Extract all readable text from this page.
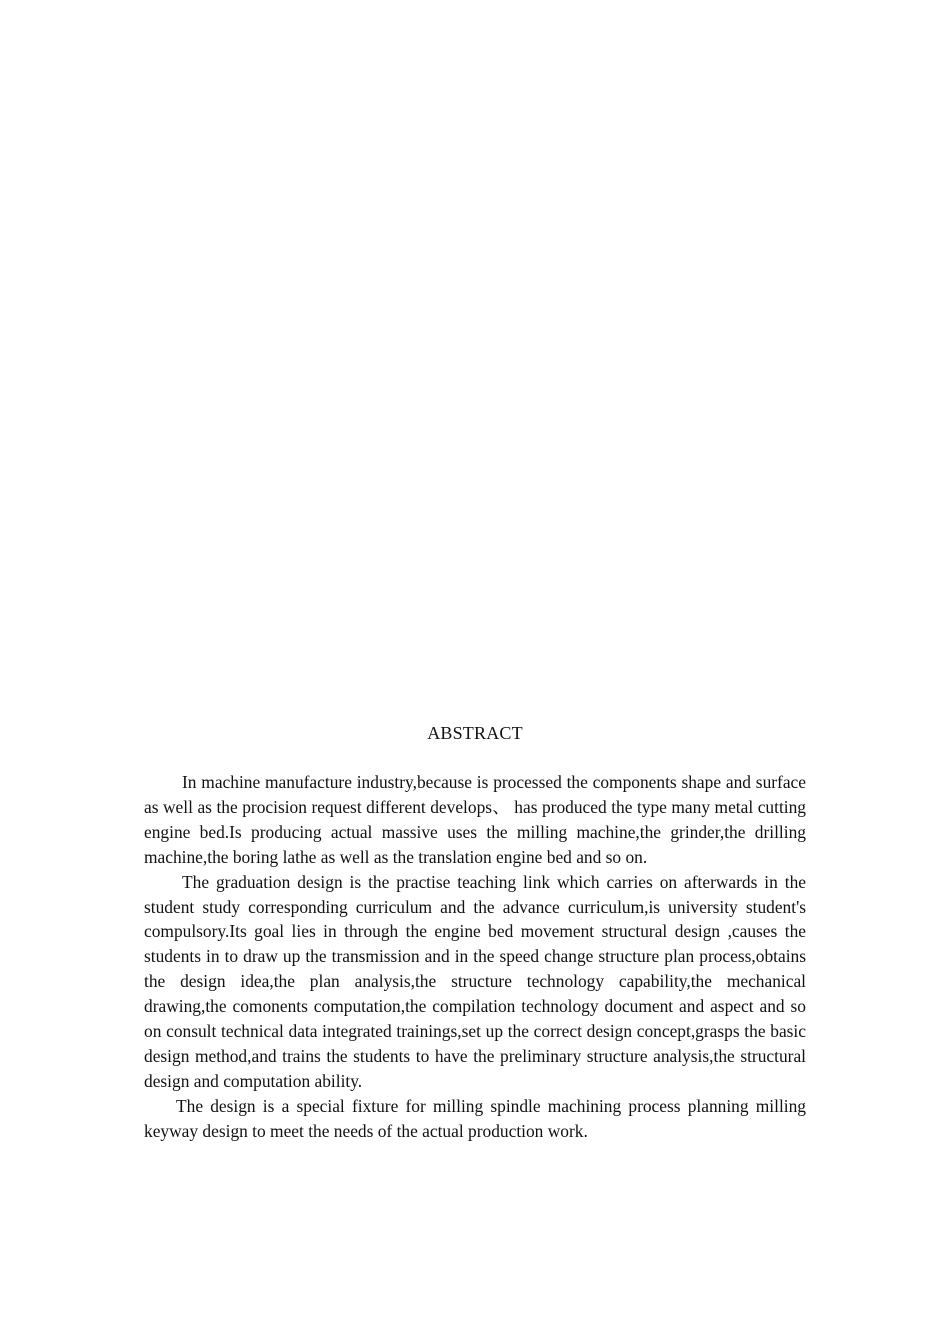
ABSTRACT

In machine manufacture industry,because is processed the components shape and surface as well as the procision request different develops、 has produced the type many metal cutting engine bed.Is producing actual massive uses the milling machine,the grinder,the drilling machine,the boring lathe as well as the translation engine bed and so on.

The graduation design is the practise teaching link which carries on afterwards in the student study corresponding curriculum and the advance curriculum,is university student's compulsory.Its goal lies in through the engine bed movement structural design ,causes the students in to draw up the transmission and in the speed change structure plan process,obtains the design idea,the plan analysis,the structure technology capability,the mechanical drawing,the comonents computation,the compilation technology document and aspect and so on consult technical data integrated trainings,set up the correct design concept,grasps the basic design method,and trains the students to have the preliminary structure analysis,the structural design and computation ability.

The design is a special fixture for milling spindle machining process planning milling keyway design to meet the needs of the actual production work.
